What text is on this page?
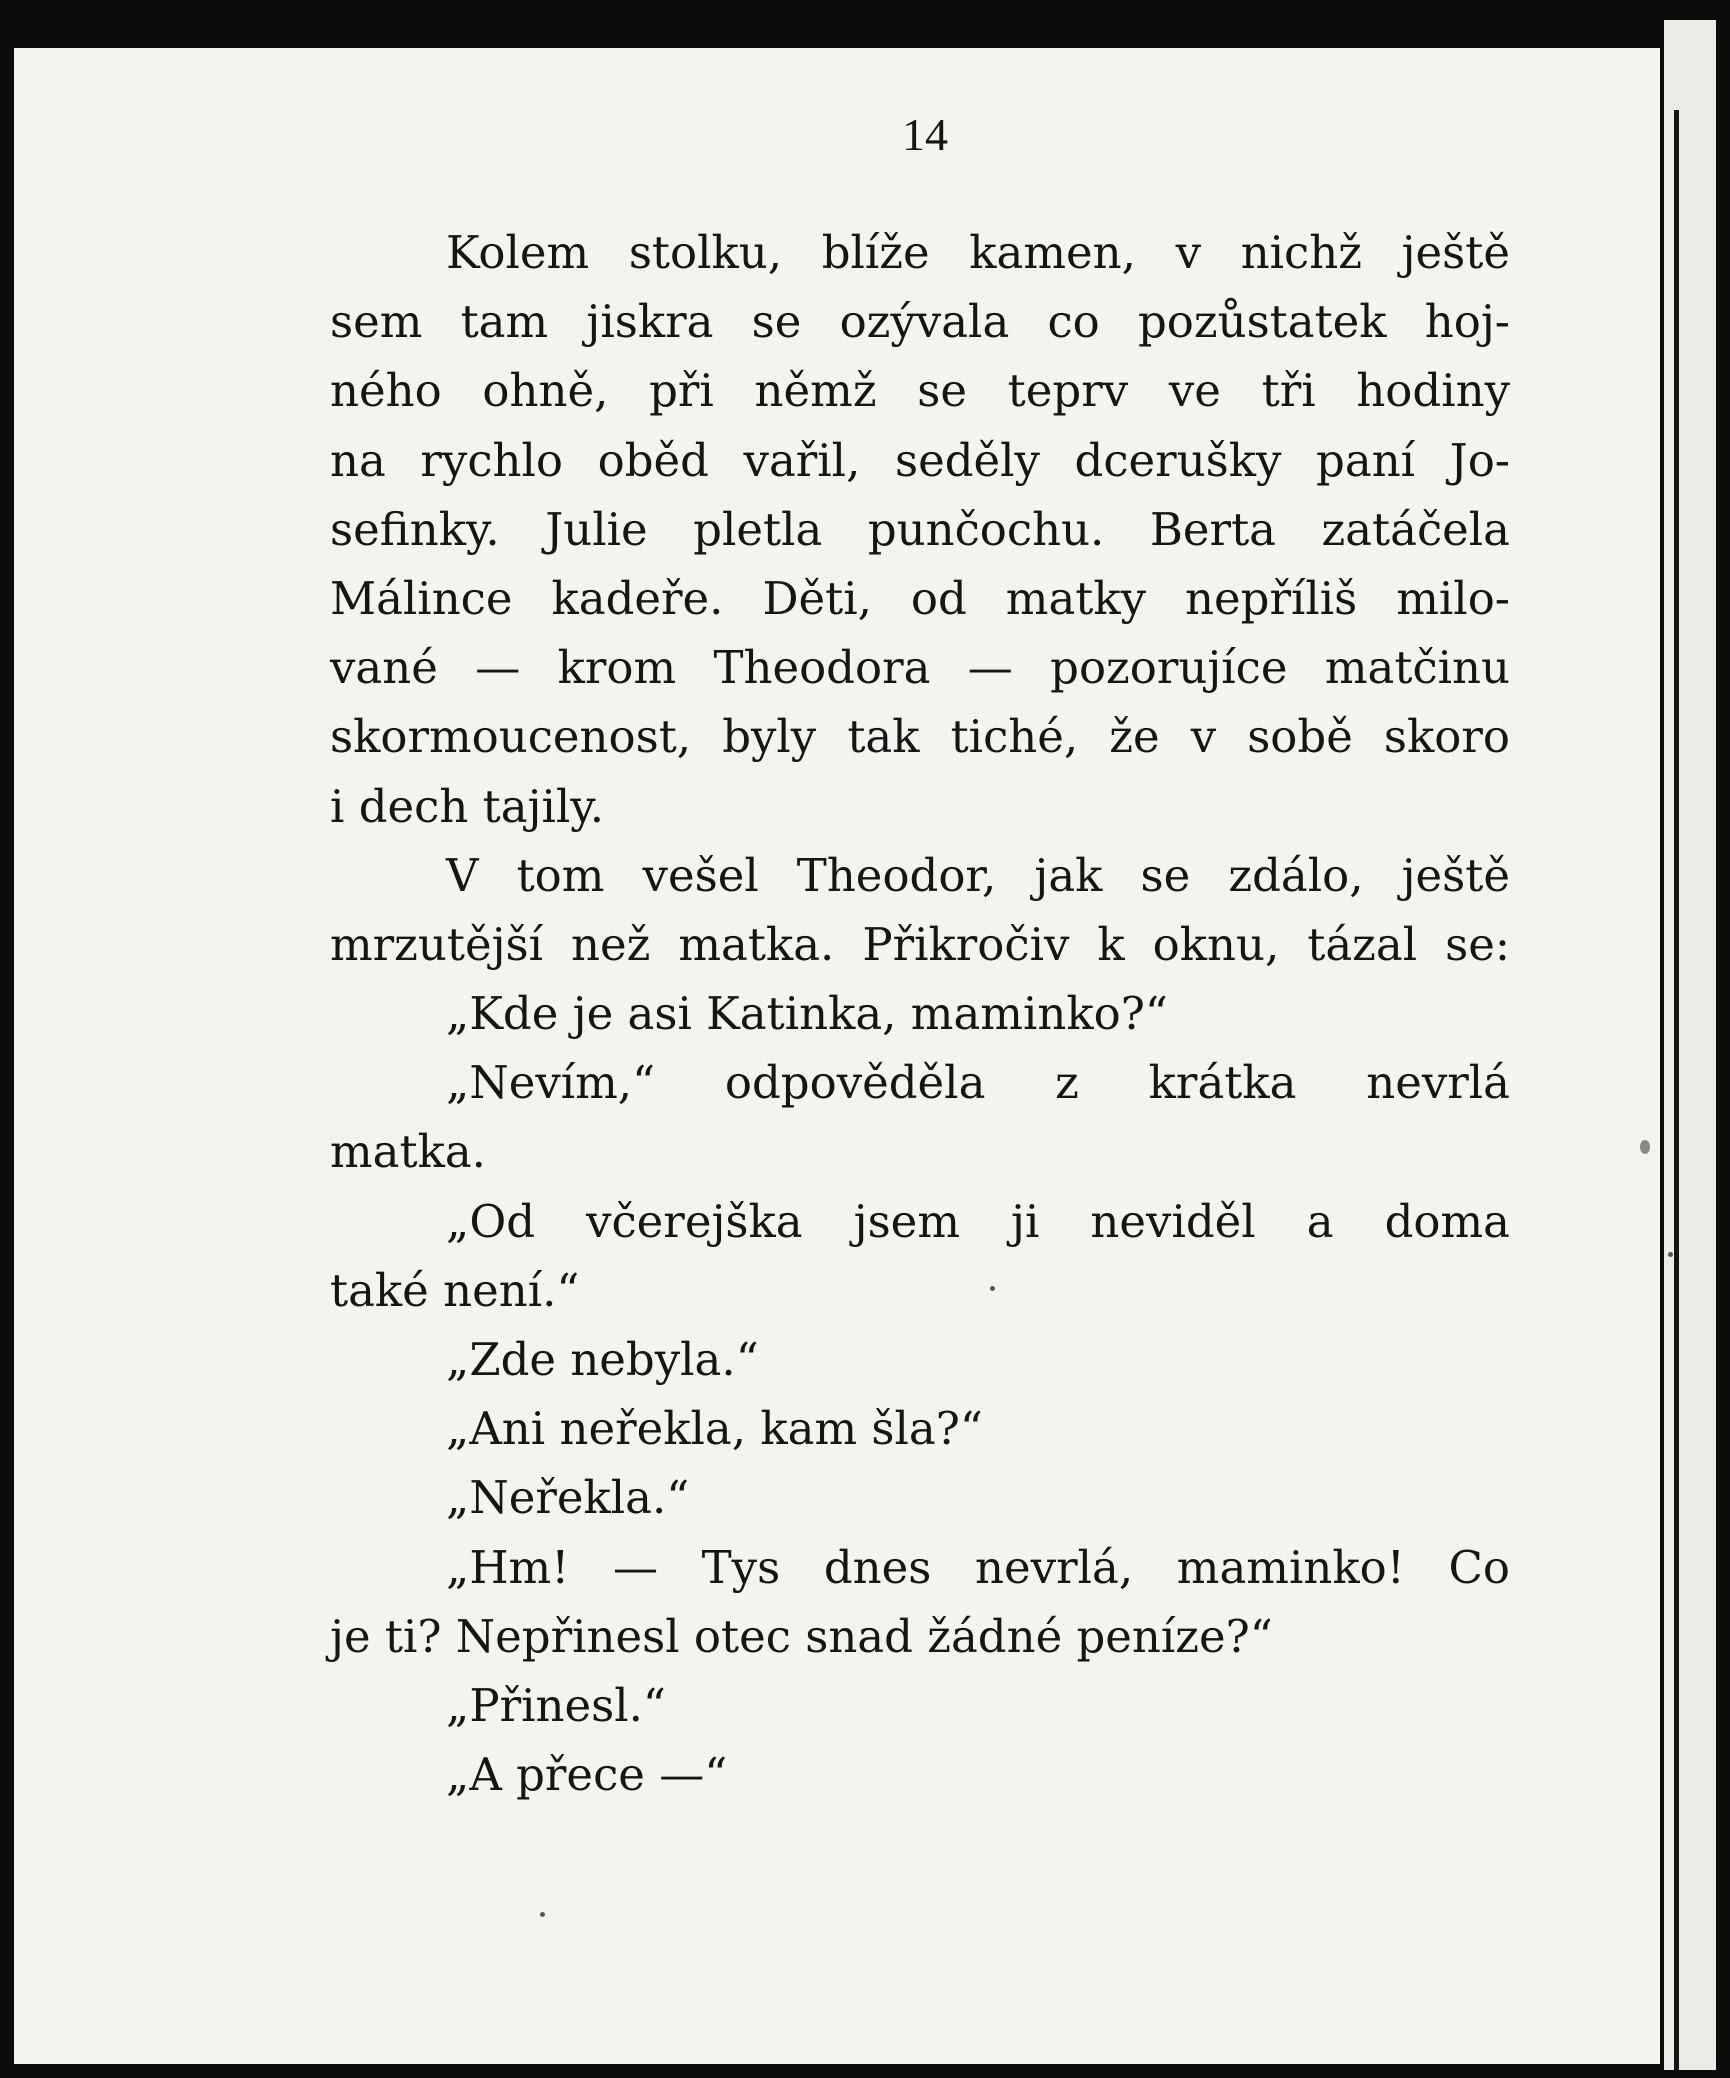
14
Kolem stolku, blíže kamen, v nichž ještě
sem tam jiskra se ozývala co pozůstatek hoj-
ného ohně, při němž se teprv ve tři hodiny
na rychlo oběd vařil, seděly dcerušky paní Jo-
sefinky. Julie pletla punčochu. Berta zatáčela
Málince kadeře. Děti, od matky nepříliš milo-
vané — krom Theodora — pozorujíce matčinu
skormoucenost, byly tak tiché, že v sobě skoro
i dech tajily.
V tom vešel Theodor, jak se zdálo, ještě
mrzutější než matka. Přikročiv k oknu, tázal se:
„Kde je asi Katinka, maminko?“
„Nevím,“ odpověděla z krátka nevrlá
matka.
„Od včerejška jsem ji neviděl a doma
také není.“
„Zde nebyla.“
„Ani neřekla, kam šla?“
„Neřekla.“
„Hm! — Tys dnes nevrlá, maminko! Co
je ti? Nepřinesl otec snad žádné peníze?“
„Přinesl.“
„A přece —“
